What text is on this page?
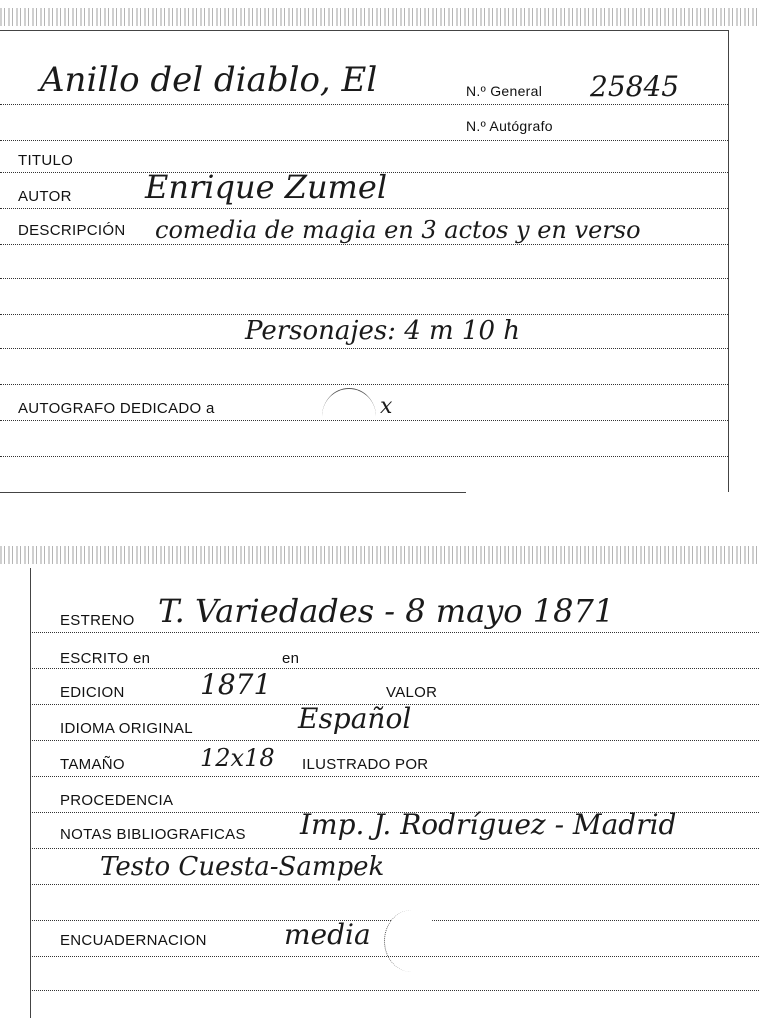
Anillo del diablo, El	N.º General 25845
N.º Autógrafo
TITULO
AUTOR Enrique Zumel
DESCRIPCIÓN comedia de magia en 3 actos y en verso
Personajes: 4 m 10 h
AUTOGRAFO DEDICADO a	x
ESTRENO T. Variedades - 8 mayo 1871
ESCRITO en	en
EDICION	1871	VALOR
IDIOMA ORIGINAL	Español
TAMAÑO	12x18 ILUSTRADO POR
PROCEDENCIA
NOTAS BIBLIOGRAFICAS Imp. J. Rodríguez - Madrid
Testo Cuesta-Sampek
ENCUADERNACION	media
